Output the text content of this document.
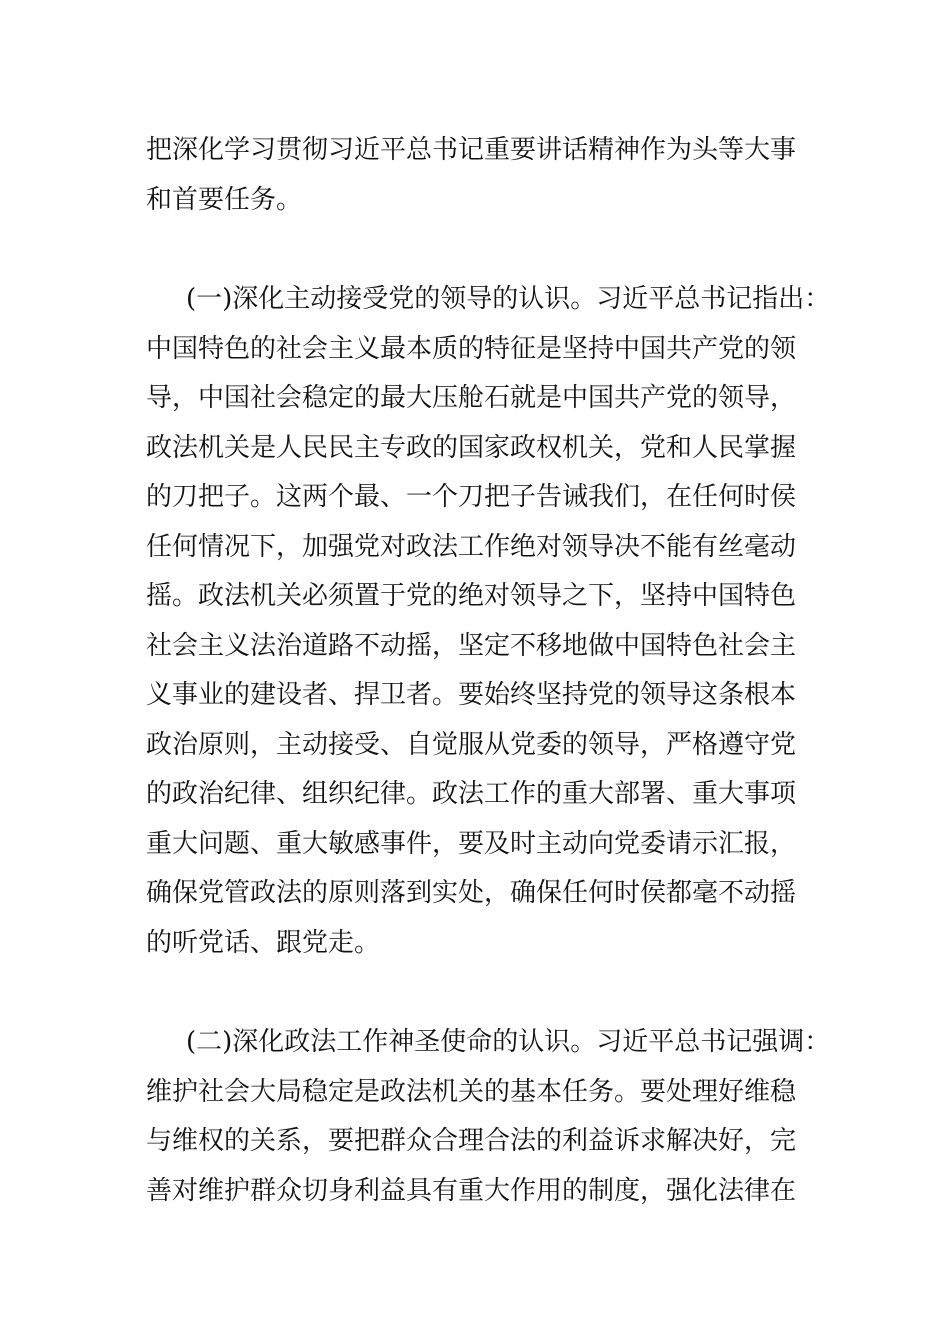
把深化学习贯彻习近平总书记重要讲话精神作为头等大事
和首要任务。
(一)深化主动接受党的领导的认识。习近平总书记指出：
中国特色的社会主义最本质的特征是坚持中国共产党的领
导，中国社会稳定的最大压舱石就是中国共产党的领导，
政法机关是人民民主专政的国家政权机关，党和人民掌握
的刀把子。这两个最、一个刀把子告诫我们，在任何时侯
任何情况下，加强党对政法工作绝对领导决不能有丝毫动
摇。政法机关必须置于党的绝对领导之下，坚持中国特色
社会主义法治道路不动摇，坚定不移地做中国特色社会主
义事业的建设者、捍卫者。要始终坚持党的领导这条根本
政治原则，主动接受、自觉服从党委的领导，严格遵守党
的政治纪律、组织纪律。政法工作的重大部署、重大事项
重大问题、重大敏感事件，要及时主动向党委请示汇报，
确保党管政法的原则落到实处，确保任何时侯都毫不动摇
的听党话、跟党走。
(二)深化政法工作神圣使命的认识。习近平总书记强调：
维护社会大局稳定是政法机关的基本任务。要处理好维稳
与维权的关系，要把群众合理合法的利益诉求解决好，完
善对维护群众切身利益具有重大作用的制度，强化法律在
